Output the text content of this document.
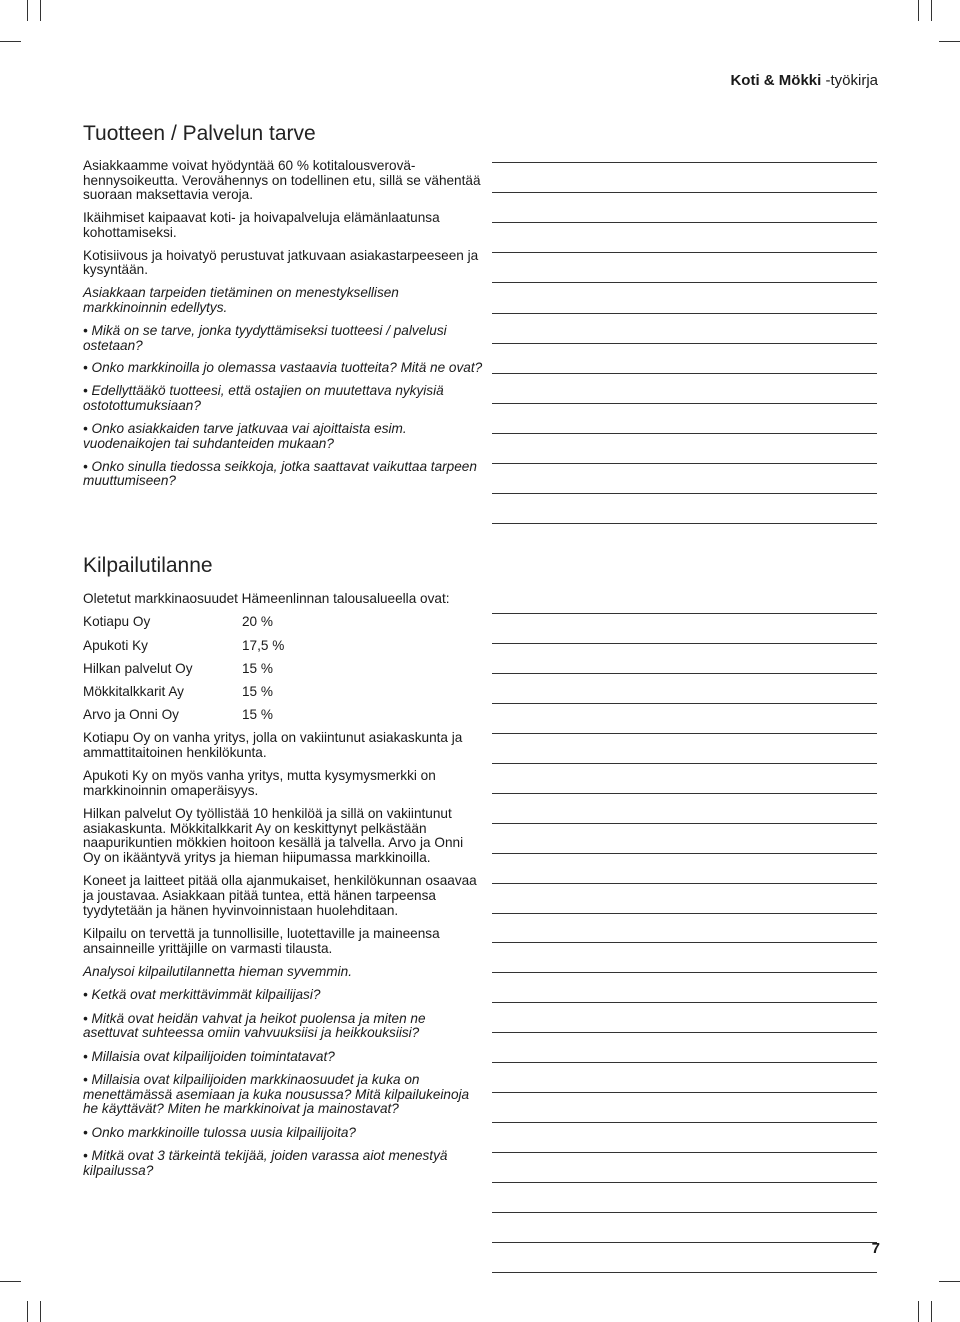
Koti & Mökki -työkirja
Tuotteen / Palvelun tarve

Asiakkaamme voivat hyödyntää 60 % kotitalousverovä-hennysoikeutta. Verovähennys on todellinen etu, sillä se vähentää suoraan maksettavia veroja.

Ikäihmiset kaipaavat koti- ja hoivapalveluja elämänlaatunsa kohottamiseksi.

Kotisiivous ja hoivatyö perustuvat jatkuvaan asiakastarpeeseen ja kysyntään.

Asiakkaan tarpeiden tietäminen on menestyksellisen markkinoinnin edellytys.

• Mikä on se tarve, jonka tyydyttämiseksi tuotteesi / palvelusi ostetaan?

• Onko markkinoilla jo olemassa vastaavia tuotteita? Mitä ne ovat?

• Edellyttääkö tuotteesi, että ostajien on muutettava nykyisiä ostotottumuksiaan?

• Onko asiakkaiden tarve jatkuvaa vai ajoittaista esim. vuodenaikojen tai suhdanteiden mukaan?

• Onko sinulla tiedossa seikkoja, jotka saattavat vaikuttaa tarpeen muuttumiseen?

Kilpailutilanne

Oletetut markkinaosuudet Hämeenlinnan talousalueella ovat:

Kotiapu Oy	20 %
Apukoti Ky	17,5 %
Hilkan palvelut Oy	15 %
Mökkitalkkarit Ay	15 %
Arvo ja Onni Oy	15 %

Kotiapu Oy on vanha yritys, jolla on vakiintunut asiakaskunta ja ammattitaitoinen henkilökunta.

Apukoti Ky on myös vanha yritys, mutta kysymysmerkki on markkinoinnin omaperäisyys.

Hilkan palvelut Oy työllistää 10 henkilöä ja sillä on vakiintunut asiakaskunta. Mökkitalkkarit Ay on keskittynyt pelkästään naapurikuntien mökkien hoitoon kesällä ja talvella. Arvo ja Onni Oy on ikääntyvä yritys ja hieman hiipumassa markkinoilla.

Koneet ja laitteet pitää olla ajanmukaiset, henkilökunnan osaavaa ja joustavaa. Asiakkaan pitää tuntea, että hänen tarpeensa tyydytetään ja hänen hyvinvoinnistaan huolehditaan.

Kilpailu on tervettä ja tunnollisille, luotettaville ja maineensa ansainneille yrittäjille on varmasti tilausta.

Analysoi kilpailutilannetta hieman syvemmin.

• Ketkä ovat merkittävimmät kilpailijasi?

• Mitkä ovat heidän vahvat ja heikot puolensa ja miten ne asettuvat suhteessa omiin vahvuuksiisi ja heikkouksiisi?

• Millaisia ovat kilpailijoiden toimintatavat?

• Millaisia ovat kilpailijoiden markkinaosuudet ja kuka on menettämässä asemiaan ja kuka nousussa? Mitä kilpailukeinoja he käyttävät? Miten he markkinoivat ja mainostavat?

• Onko markkinoille tulossa uusia kilpailijoita?

• Mitkä ovat 3 tärkeintä tekijää, joiden varassa aiot menestyä kilpailussa?

7
